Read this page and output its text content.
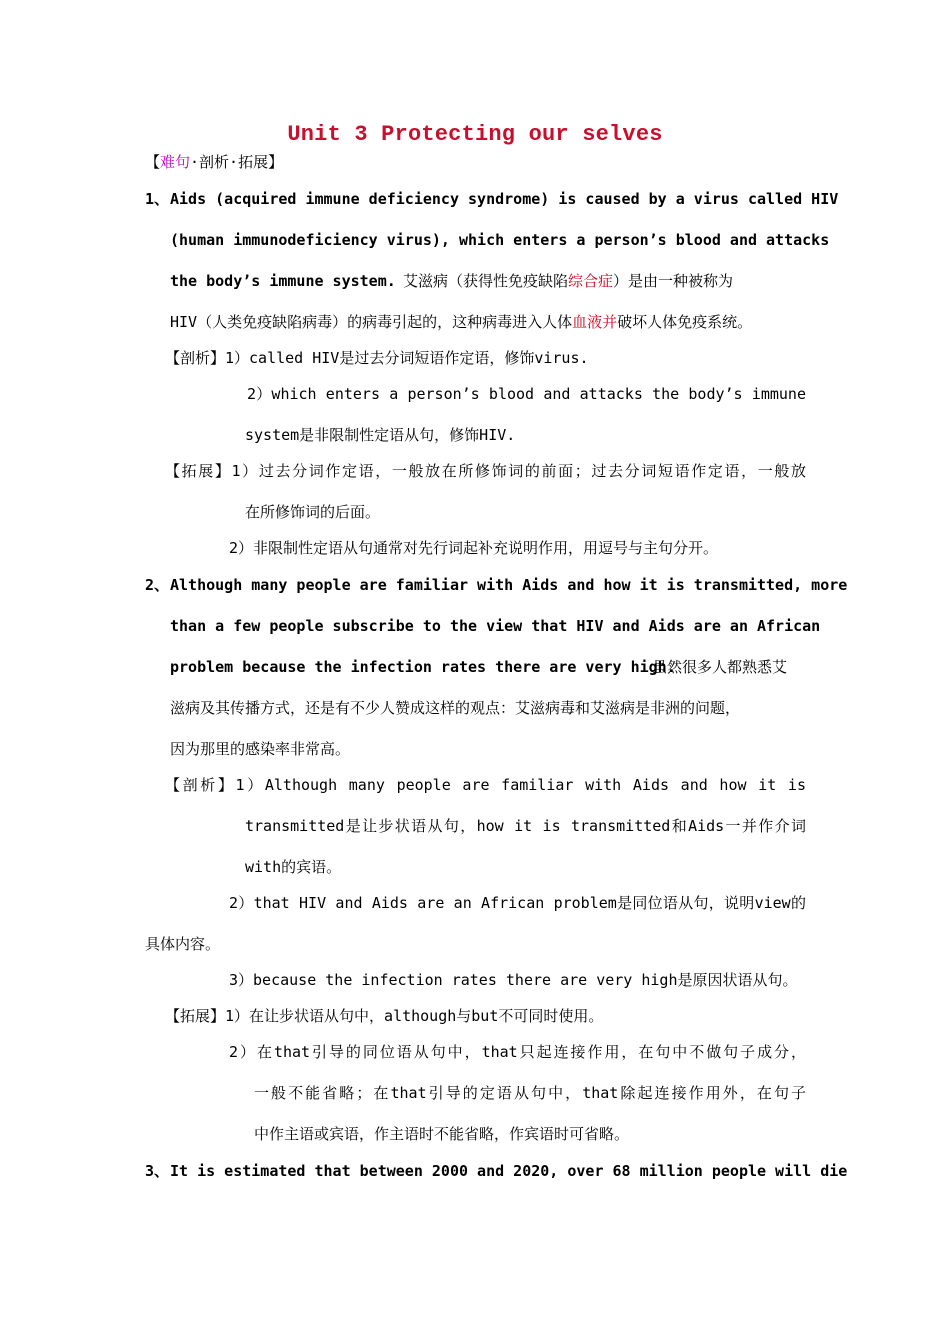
Unit 3 Protecting our selves
【难句·剖析·拓展】
1、 Aids (acquired immune deficiency syndrome) is caused by a virus called HIV
(human immunodeficiency virus), which enters a person’s blood and attacks
the body’s immune system. 艾滋病（获得性免疫缺陷综合症）是由一种被称为
HIV（人类免疫缺陷病毒）的病毒引起的，这种病毒进入人体血液并破坏人体免疫系统。
【剖析】1）called HIV是过去分词短语作定语，修饰virus.
2）which enters a person’s blood and attacks the body’s immune
system是非限制性定语从句，修饰HIV.
【拓展】1）过去分词作定语，一般放在所修饰词的前面；过去分词短语作定语，一般放
在所修饰词的后面。
2）非限制性定语从句通常对先行词起补充说明作用，用逗号与主句分开。
2、 Although many people are familiar with Aids and how it is transmitted, more
than a few people subscribe to the view that HIV and Aids are an African
problem because the infection rates there are very high.
虽然很多人都熟悉艾
滋病及其传播方式，还是有不少人赞成这样的观点：艾滋病毒和艾滋病是非洲的问题，
因为那里的感染率非常高。
【剖析】1）Although many people are familiar with Aids and how it is
transmitted是让步状语从句，how it is transmitted和Aids一并作介词
with的宾语。
2）that HIV and Aids are an African problem是同位语从句，说明view的
具体内容。
3）because the infection rates there are very high是原因状语从句。
【拓展】1）在让步状语从句中，although与but不可同时使用。
2）在that引导的同位语从句中，that只起连接作用，在句中不做句子成分，
一般不能省略；在that引导的定语从句中，that除起连接作用外，在句子
中作主语或宾语，作主语时不能省略，作宾语时可省略。
3、 It is estimated that between 2000 and 2020, over 68 million people will die
